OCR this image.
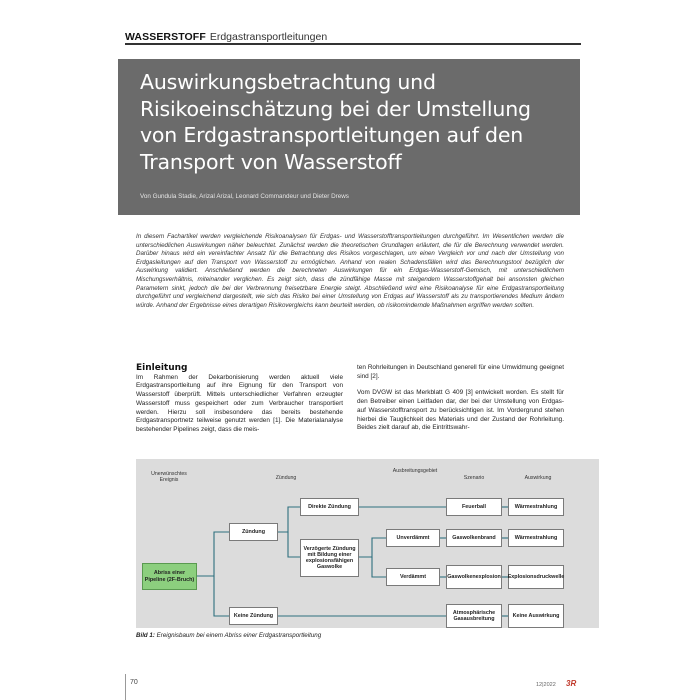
WASSERSTOFF Erdgastransportleitungen
Auswirkungsbetrachtung und Risikoeinschätzung bei der Umstellung von Erdgastransportleitungen auf den Transport von Wasserstoff
Von Gundula Stadie, Arizal Arizal, Leonard Commandeur und Dieter Drews
In diesem Fachartikel werden vergleichende Risikoanalysen für Erdgas- und Wasserstofftransportleitungen durchgeführt. Im Wesentlichen werden die unterschiedlichen Auswirkungen näher beleuchtet. Zunächst werden die theoretischen Grundlagen erläutert, die für die Berechnung verwendet werden. Darüber hinaus wird ein vereinfachter Ansatz für die Betrachtung des Risikos vorgeschlagen, um einen Vergleich vor und nach der Umstellung von Erdgasleitungen auf den Transport von Wasserstoff zu ermöglichen. Anhand von realen Schadensfällen wird das Berechnungstool bezüglich der Auswirkung validiert. Anschließend werden die berechneten Auswirkungen für ein Erdgas-Wasserstoff-Gemisch, mit unterschiedlichem Mischungsverhältnis, miteinander verglichen. Es zeigt sich, dass die zündfähige Masse mit steigendem Wasserstoffgehalt bei ansonsten gleichen Parametern sinkt, jedoch die bei der Verbrennung freisetzbare Energie steigt. Abschließend wird eine Risikoanalyse für eine Erdgastransportleitung durchgeführt und vergleichend dargestellt, wie sich das Risiko bei einer Umstellung von Erdgas auf Wasserstoff als zu transportierendes Medium ändern würde. Anhand der Ergebnisse eines derartigen Risikovergleichs kann beurteilt werden, ob risikomindernde Maßnahmen ergriffen werden sollten.
Einleitung

Im Rahmen der Dekarbonisierung werden aktuell viele Erdgastransportleitung auf ihre Eignung für den Transport von Wasserstoff überprüft. Mittels unterschiedlicher Verfahren erzeugter Wasserstoff muss gespeichert oder zum Verbraucher transportiert werden. Hierzu soll insbesondere das bereits bestehende Erdgastransportnetz teilweise genutzt werden [1]. Die Materialanalyse bestehender Pipelines zeigt, dass die meis-

ten Rohrleitungen in Deutschland generell für eine Umwidmung geeignet sind [2].

Vom DVGW ist das Merkblatt G 409 [3] entwickelt worden. Es stellt für den Betreiber einen Leitfaden dar, der bei der Umstellung von Erdgas- auf Wasserstofftransport zu berücksichtigen ist. Im Vordergrund stehen hierbei die Tauglichkeit des Materials und der Zustand der Rohrleitung. Beides zielt darauf ab, die Eintrittswahr-

Unerwünschtes Ereignis	Zündung
Ausbreitungsgebiet
Szenario	Auswirkung
Abriss einer Pipeline (2F-Bruch)
Zündung
Keine Zündung
Direkte Zündung
Verzögerte Zündung mit Bildung einer explosionsfähigen Gaswolke
Unverdämmt
Verdämmt
Feuerball
Gaswolkenbrand
Gaswolkenexplosion
Atmosphärische Gasausbreitung
Wärmestrahlung
Wärmestrahlung
Explosionsdruckwelle
Keine Auswirkung
Bild 1: Ereignisbaum bei einem Abriss einer Erdgastransportleitung
70	12|2022 3R
